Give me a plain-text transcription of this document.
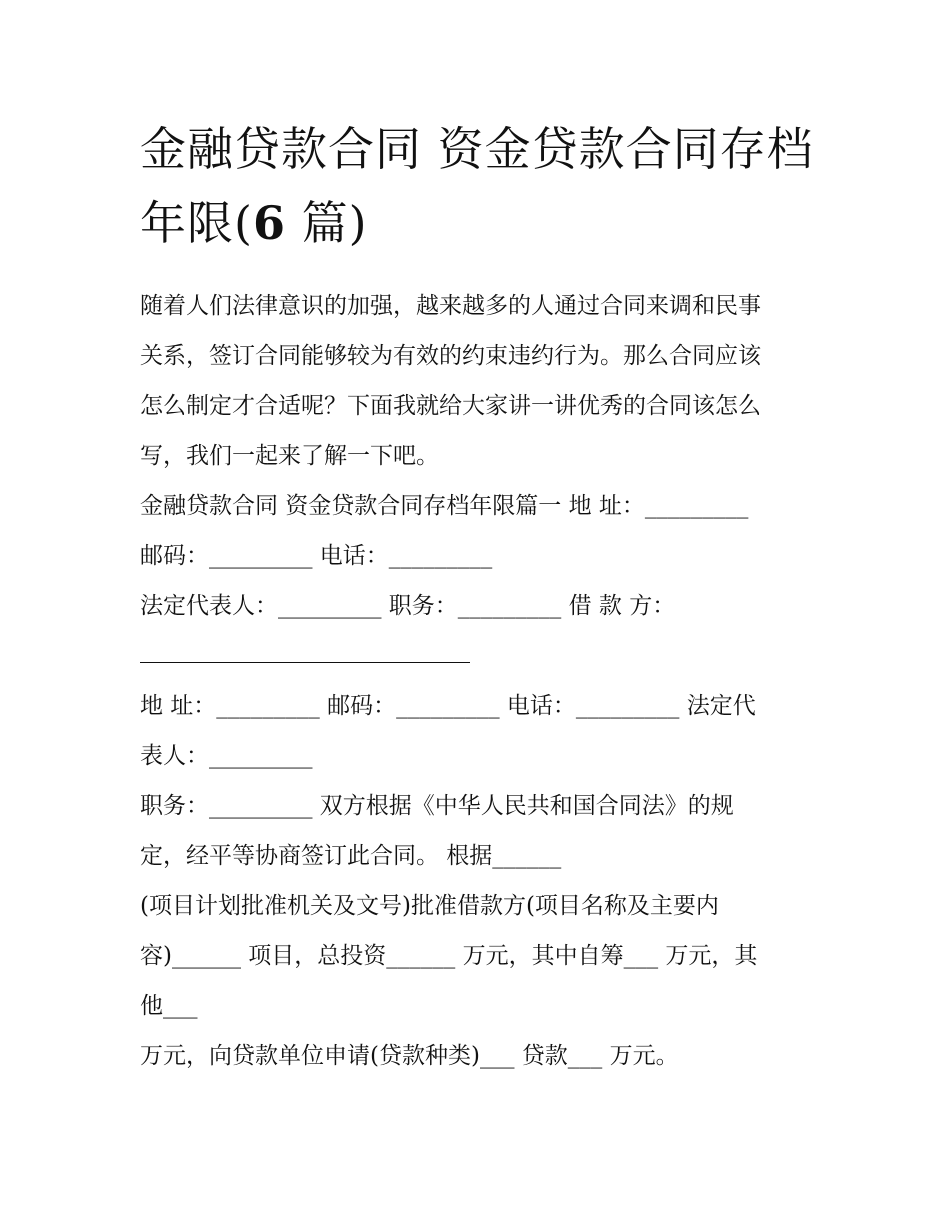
金融贷款合同 资金贷款合同存档年限(6 篇)

随着人们法律意识的加强，越来越多的人通过合同来调和民事

关系，签订合同能够较为有效的约束违约行为。那么合同应该

怎么制定才合适呢？下面我就给大家讲一讲优秀的合同该怎么

写，我们一起来了解一下吧。

金融贷款合同 资金贷款合同存档年限篇一 地 址：_________

邮码：_________ 电话：_________

法定代表人：_________ 职务：_________ 借 款 方：

地 址：_________ 邮码：_________ 电话：_________ 法定代

表人：_________

职务：_________ 双方根据《中华人民共和国合同法》的规

定，经平等协商签订此合同。 根据______

(项目计划批准机关及文号)批准借款方(项目名称及主要内

容)______ 项目，总投资______ 万元，其中自筹___ 万元，其

他___

万元，向贷款单位申请(贷款种类)___ 贷款___ 万元。
